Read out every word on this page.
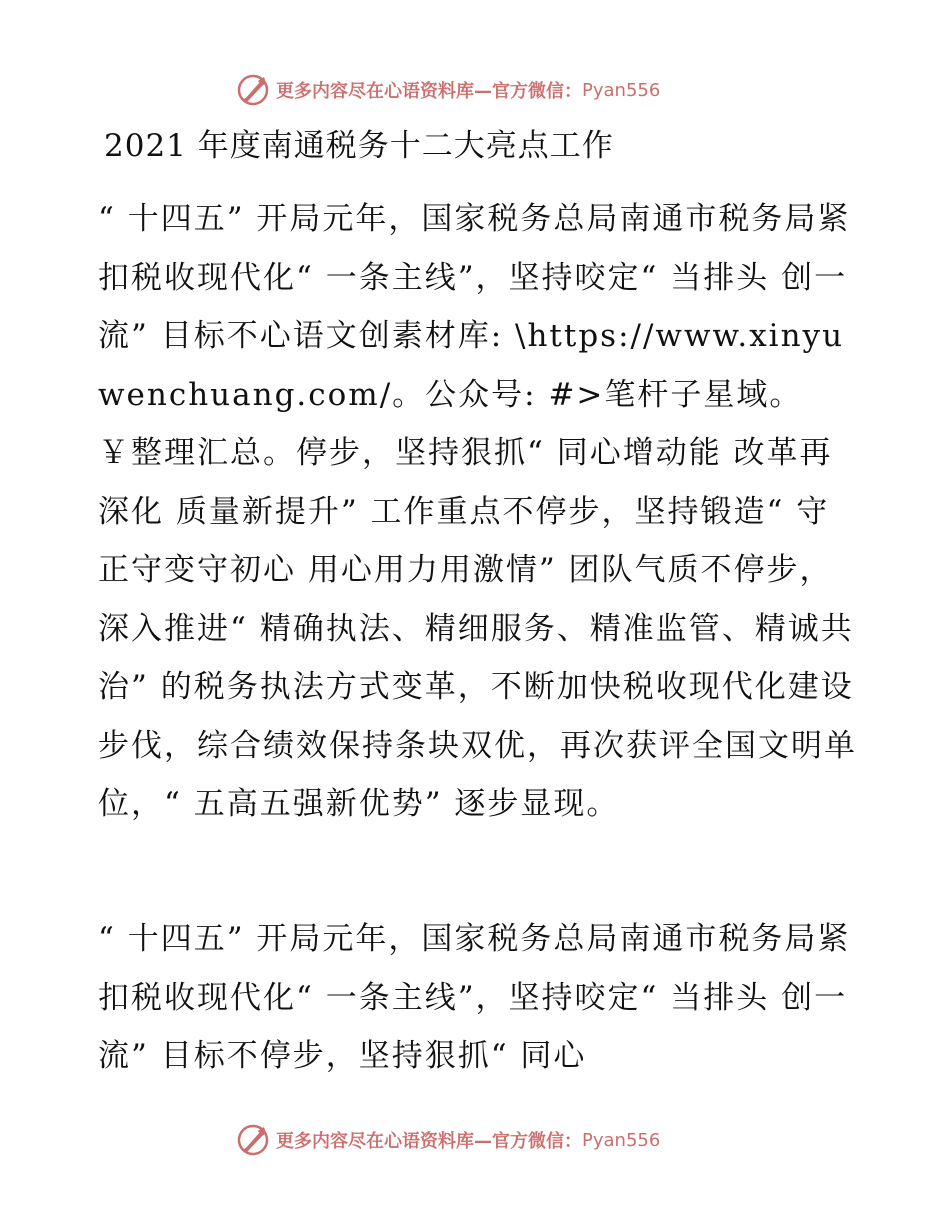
更多内容尽在心语资料库—官方微信： Pyan556
2021 年度南通税务十二大亮点工作
“ 十四五” 开局元年，国家税务总局南通市税务局紧扣税收现代化“ 一条主线”，坚持咬定“ 当排头 创一流” 目标不心语文创素材库: \https://www.xinyuwenchuang.com/。公众号: #>笔杆子星域。￥整理汇总。停步，坚持狠抓“ 同心增动能 改革再深化 质量新提升” 工作重点不停步，坚持锻造“ 守正守变守初心 用心用力用激情” 团队气质不停步，深入推进“ 精确执法、精细服务、精准监管、精诚共治” 的税务执法方式变革，不断加快税收现代化建设步伐，综合绩效保持条块双优，再次获评全国文明单位，“ 五高五强新优势” 逐步显现。
“ 十四五” 开局元年，国家税务总局南通市税务局紧扣税收现代化“ 一条主线”，坚持咬定“ 当排头 创一流” 目标不停步，坚持狠抓“ 同心
更多内容尽在心语资料库—官方微信： Pyan556
